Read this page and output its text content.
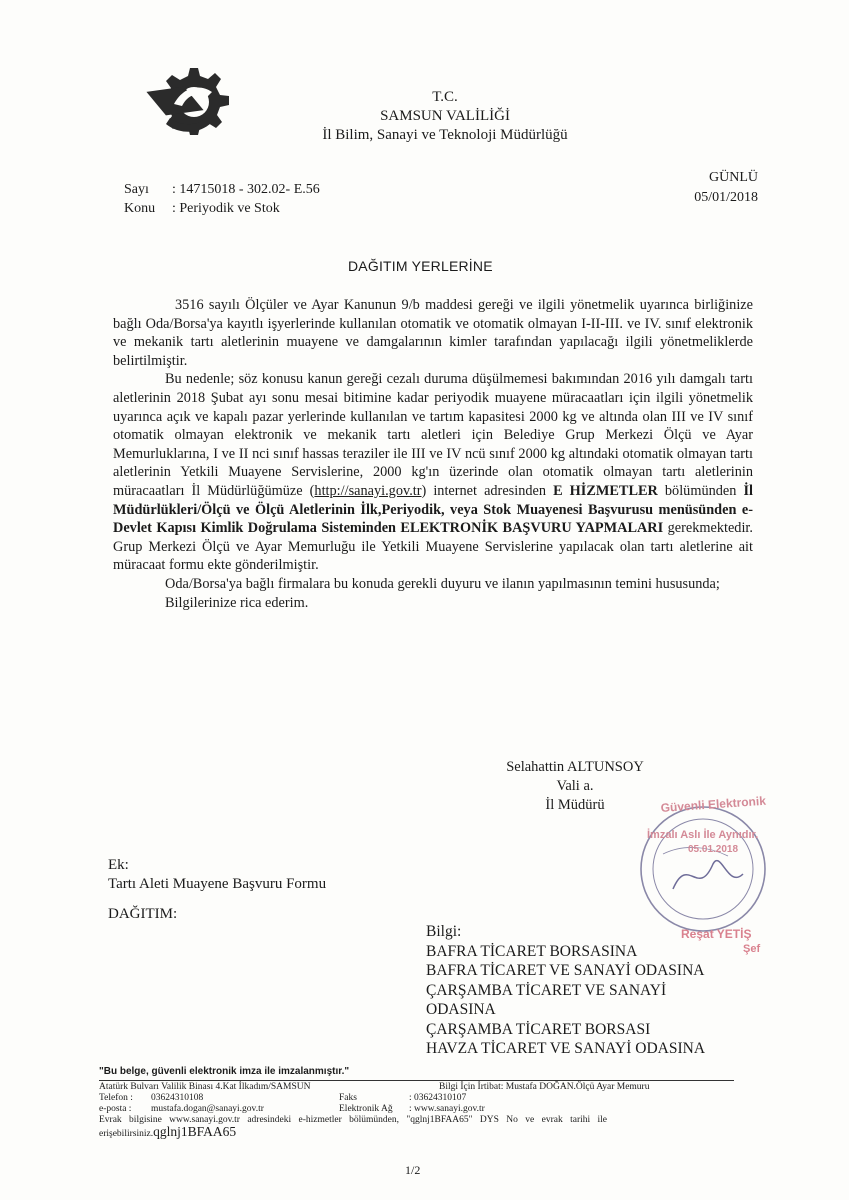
T.C.
SAMSUN VALİLİĞİ
İl Bilim, Sanayi ve Teknoloji Müdürlüğü
GÜNLÜ
05/01/2018
Sayı : 14715018 - 302.02- E.56
Konu : Periyodik ve Stok
DAĞITIM YERLERİNE

3516 sayılı Ölçüler ve Ayar Kanunun 9/b maddesi gereği ve ilgili yönetmelik uyarınca birliğinize bağlı Oda/Borsa'ya kayıtlı işyerlerinde kullanılan otomatik ve otomatik olmayan I-II-III. ve IV. sınıf elektronik ve mekanik tartı aletlerinin muayene ve damgalarının kimler tarafından yapılacağı ilgili yönetmeliklerde belirtilmiştir.

Bu nedenle; söz konusu kanun gereği cezalı duruma düşülmemesi bakımından 2016 yılı damgalı tartı aletlerinin 2018 Şubat ayı sonu mesai bitimine kadar periyodik muayene müracaatları için ilgili yönetmelik uyarınca açık ve kapalı pazar yerlerinde kullanılan ve tartım kapasitesi 2000 kg ve altında olan III ve IV sınıf otomatik olmayan elektronik ve mekanik tartı aletleri için Belediye Grup Merkezi Ölçü ve Ayar Memurluklarına, I ve II nci sınıf hassas teraziler ile III ve IV ncü sınıf 2000 kg altındaki otomatik olmayan tartı aletlerinin Yetkili Muayene Servislerine, 2000 kg'ın üzerinde olan otomatik olmayan tartı aletlerinin müracaatları İl Müdürlüğümüze (http://sanayi.gov.tr) internet adresinden E HİZMETLER bölümünden İl Müdürlükleri/Ölçü ve Ölçü Aletlerinin İlk,Periyodik, veya Stok Muayenesi Başvurusu menüsünden e-Devlet Kapısı Kimlik Doğrulama Sisteminden ELEKTRONİK BAŞVURU YAPMALARI gerekmektedir. Grup Merkezi Ölçü ve Ayar Memurluğu ile Yetkili Muayene Servislerine yapılacak olan tartı aletlerine ait müracaat formu ekte gönderilmiştir.

Oda/Borsa'ya bağlı firmalara bu konuda gerekli duyuru ve ilanın yapılmasının temini hususunda;

Bilgilerinize rica ederim.

Selahattin ALTUNSOY
Vali a.
İl Müdürü	Güvenli Elektronik
İmzalı Aslı İle Aynıdır.
05.01.2018
Reşat YETİŞ
Şef
Ek:
Tartı Aleti Muayene Başvuru Formu
DAĞITIM:
Bilgi:
BAFRA TİCARET BORSASINA
BAFRA TİCARET VE SANAYİ ODASINA
ÇARŞAMBA TİCARET VE SANAYİ
ODASINA
ÇARŞAMBA TİCARET BORSASI
HAVZA TİCARET VE SANAYİ ODASINA
"Bu belge, güvenli elektronik imza ile imzalanmıştır."
Atatürk Bulvarı Valilik Binası 4.Kat İlkadım/SAMSUN	Bilgi İçin İrtibat: Mustafa DOĞAN.Ölçü Ayar Memuru
Telefon : 03624310108	Faks	: 03624310107
e-posta : mustafa.dogan@sanayi.gov.tr	Elektronik Ağ : www.sanayi.gov.tr
Evrak bilgisine www.sanayi.gov.tr adresindeki e-hizmetler bölümünden, "qglnj1BFAA65" DYS No ve evrak tarihi ile
erişebilirsiniz.qglnj1BFAA65
1/2
